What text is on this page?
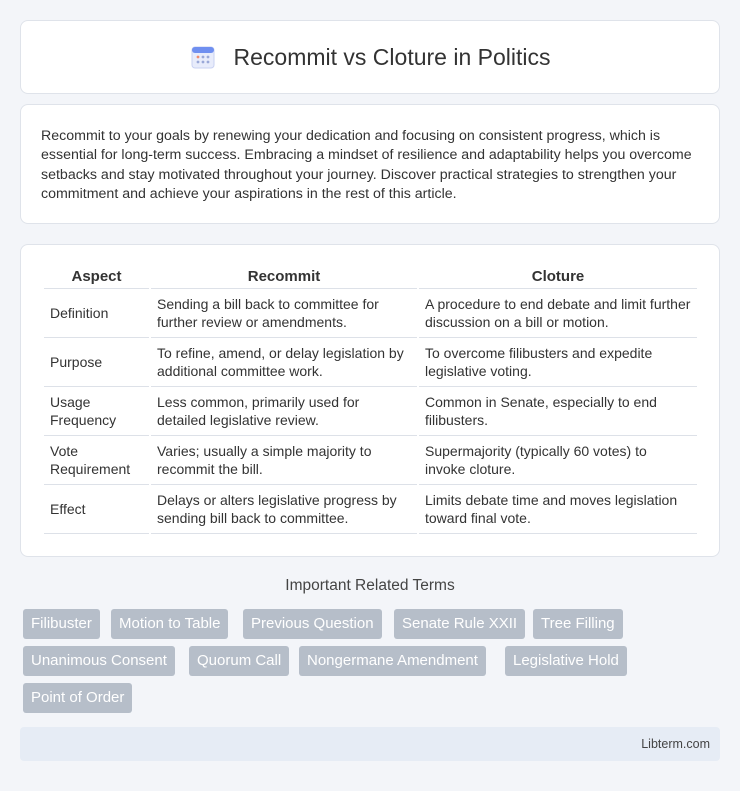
Recommit vs Cloture in Politics

Recommit to your goals by renewing your dedication and focusing on consistent progress, which is essential for long-term success. Embracing a mindset of resilience and adaptability helps you overcome setbacks and stay motivated throughout your journey. Discover practical strategies to strengthen your commitment and achieve your aspirations in the rest of this article.

Aspect	Recommit	Cloture
Definition	Sending a bill back to committee for further review or amendments.	A procedure to end debate and limit further discussion on a bill or motion.
Purpose	To refine, amend, or delay legislation by additional committee work.	To overcome filibusters and expedite legislative voting.
Usage Frequency	Less common, primarily used for detailed legislative review.	Common in Senate, especially to end filibusters.
Vote Requirement	Varies; usually a simple majority to recommit the bill.	Supermajority (typically 60 votes) to invoke cloture.
Effect	Delays or alters legislative progress by sending bill back to committee.	Limits debate time and moves legislation toward final vote.
Important Related Terms
Filibuster	Motion to Table	Previous Question	Senate Rule XXII	Tree Filling
Unanimous Consent	Quorum Call	Nongermane Amendment	Legislative Hold
Point of Order
Libterm.com
